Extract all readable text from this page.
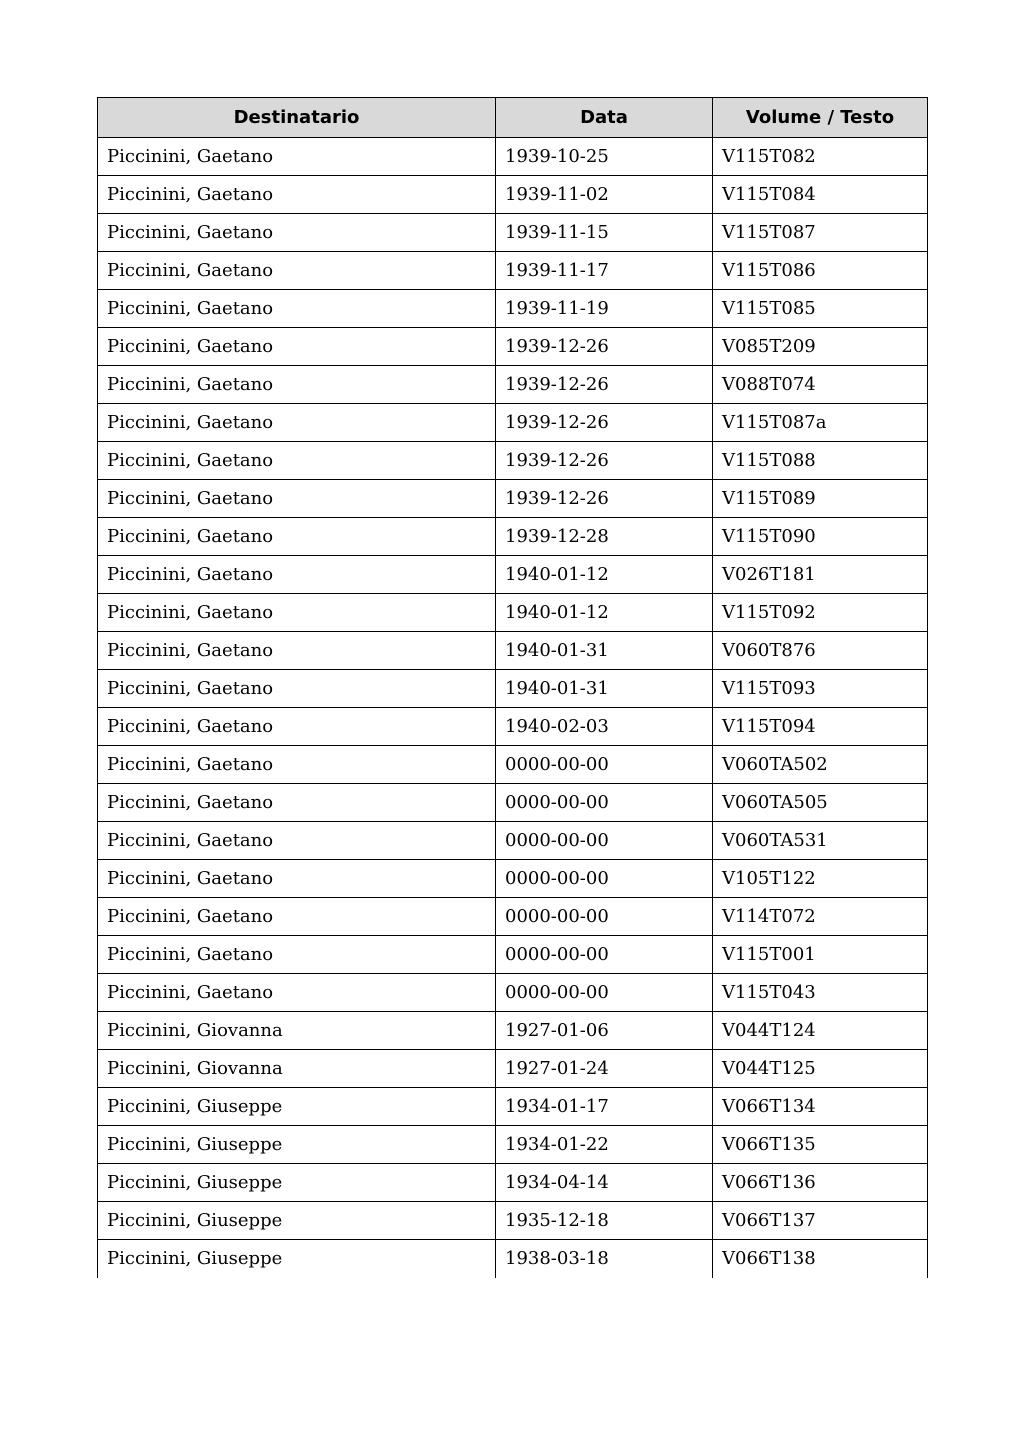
Destinatario	Data	Volume / Testo
Piccinini, Gaetano	1939-10-25	V115T082
Piccinini, Gaetano	1939-11-02	V115T084
Piccinini, Gaetano	1939-11-15	V115T087
Piccinini, Gaetano	1939-11-17	V115T086
Piccinini, Gaetano	1939-11-19	V115T085
Piccinini, Gaetano	1939-12-26	V085T209
Piccinini, Gaetano	1939-12-26	V088T074
Piccinini, Gaetano	1939-12-26	V115T087a
Piccinini, Gaetano	1939-12-26	V115T088
Piccinini, Gaetano	1939-12-26	V115T089
Piccinini, Gaetano	1939-12-28	V115T090
Piccinini, Gaetano	1940-01-12	V026T181
Piccinini, Gaetano	1940-01-12	V115T092
Piccinini, Gaetano	1940-01-31	V060T876
Piccinini, Gaetano	1940-01-31	V115T093
Piccinini, Gaetano	1940-02-03	V115T094
Piccinini, Gaetano	0000-00-00	V060TA502
Piccinini, Gaetano	0000-00-00	V060TA505
Piccinini, Gaetano	0000-00-00	V060TA531
Piccinini, Gaetano	0000-00-00	V105T122
Piccinini, Gaetano	0000-00-00	V114T072
Piccinini, Gaetano	0000-00-00	V115T001
Piccinini, Gaetano	0000-00-00	V115T043
Piccinini, Giovanna	1927-01-06	V044T124
Piccinini, Giovanna	1927-01-24	V044T125
Piccinini, Giuseppe	1934-01-17	V066T134
Piccinini, Giuseppe	1934-01-22	V066T135
Piccinini, Giuseppe	1934-04-14	V066T136
Piccinini, Giuseppe	1935-12-18	V066T137
Piccinini, Giuseppe	1938-03-18	V066T138
